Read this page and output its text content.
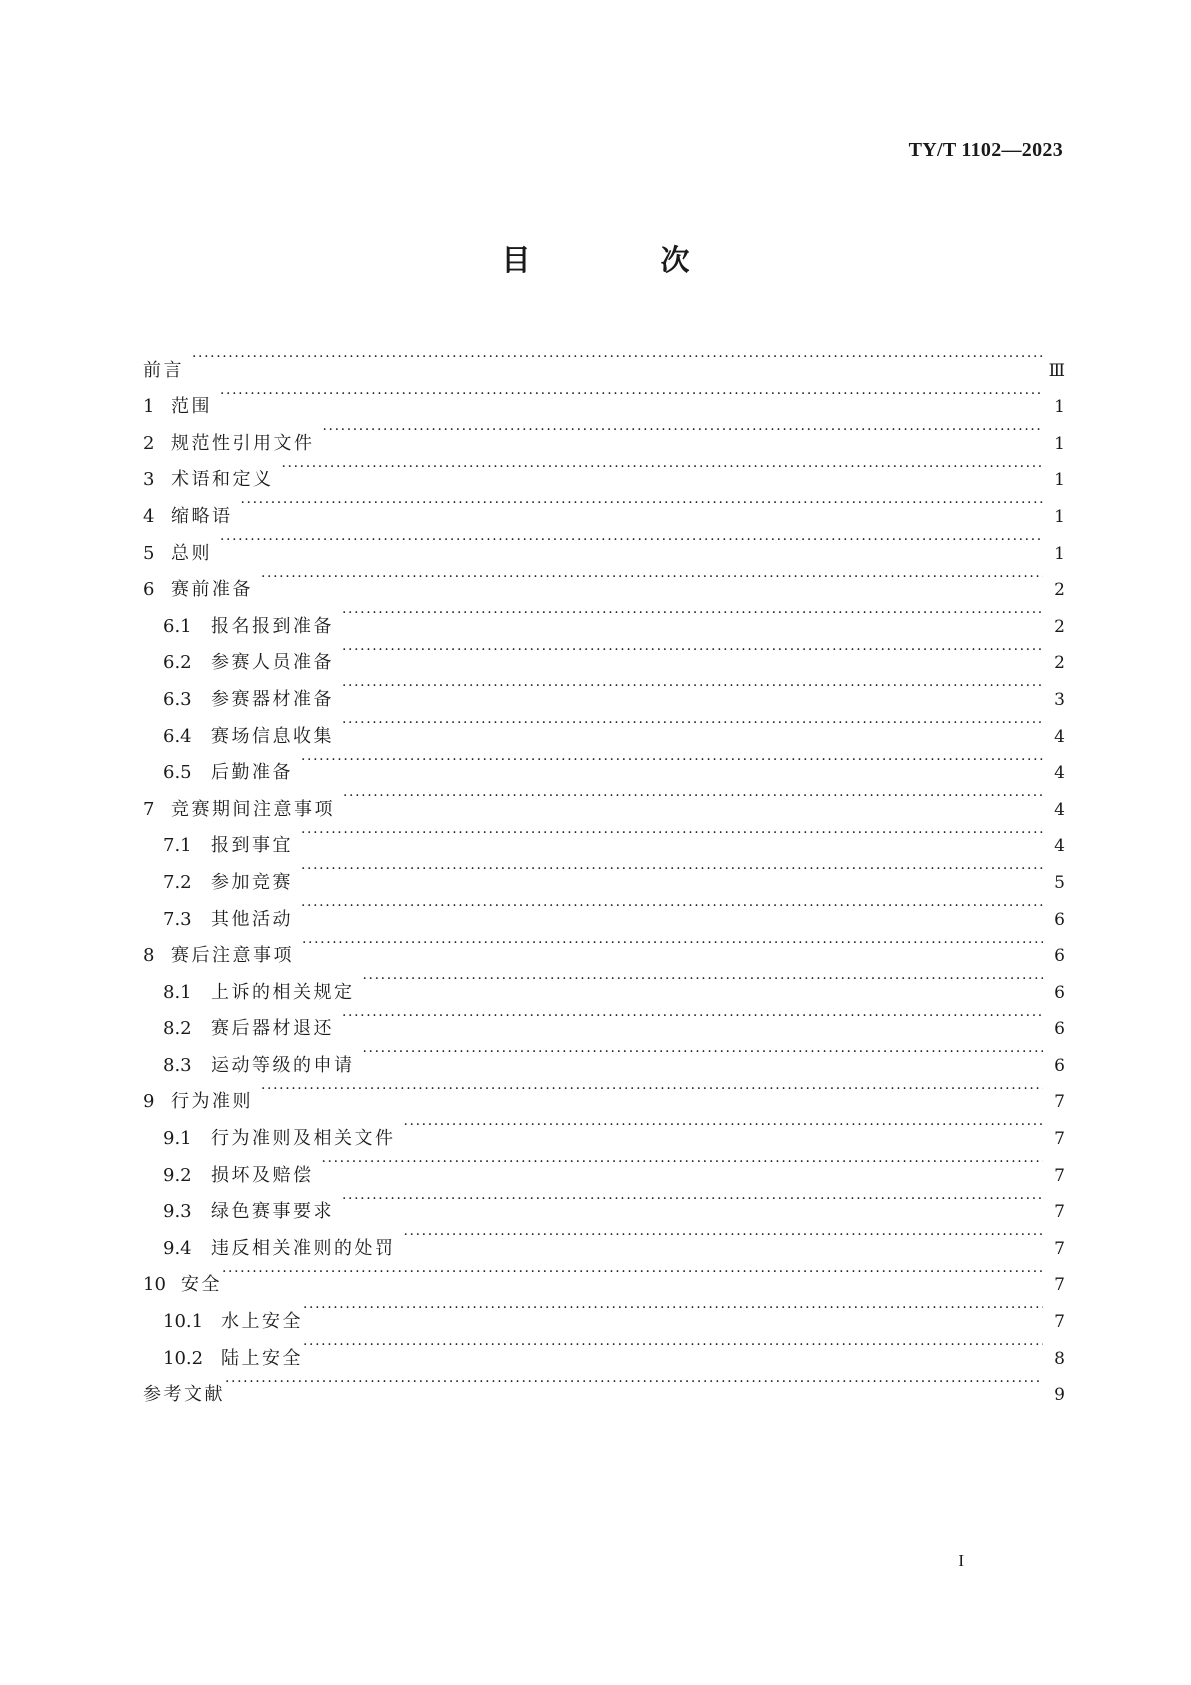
TY/T 1102—2023
目 次
前言 ·····	Ⅲ
1 范围 ·····	1
2 规范性引用文件 ·····	1
3 术语和定义 ·····	1
4 缩略语 ·····	1
5 总则 ·····	1
6 赛前准备 ·····	2
6.1	报名报到准备 ·····	2
6.2	参赛人员准备 ·····	2
6.3	参赛器材准备 ·····	3
6.4	赛场信息收集 ·····	4
6.5	后勤准备 ·····	4
7 竞赛期间注意事项 ·····	4
7.1	报到事宜 ·····	4
7.2	参加竞赛 ·····	5
7.3	其他活动 ·····	6
8 赛后注意事项 ·····	6
8.1	上诉的相关规定 ·····	6
8.2	赛后器材退还 ·····	6
8.3	运动等级的申请 ·····	6
9 行为准则 ·····	7
9.1	行为准则及相关文件 ·····	7
9.2	损坏及赔偿 ·····	7
9.3	绿色赛事要求 ·····	7
9.4	违反相关准则的处罚 ·····	7
10 安全 ·····	7
10.1 水上安全 ·····	7
10.2 陆上安全 ·····	8
参考文献 ·····	9
I
